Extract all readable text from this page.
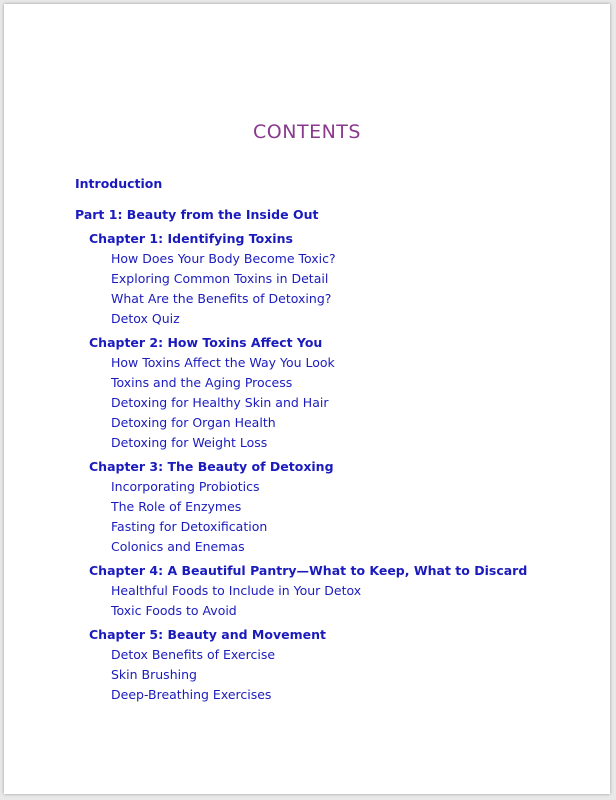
CONTENTS
Introduction
Part 1: Beauty from the Inside Out
Chapter 1: Identifying Toxins
How Does Your Body Become Toxic?
Exploring Common Toxins in Detail
What Are the Benefits of Detoxing?
Detox Quiz
Chapter 2: How Toxins Affect You
How Toxins Affect the Way You Look
Toxins and the Aging Process
Detoxing for Healthy Skin and Hair
Detoxing for Organ Health
Detoxing for Weight Loss
Chapter 3: The Beauty of Detoxing
Incorporating Probiotics
The Role of Enzymes
Fasting for Detoxification
Colonics and Enemas
Chapter 4: A Beautiful Pantry—What to Keep, What to Discard
Healthful Foods to Include in Your Detox
Toxic Foods to Avoid
Chapter 5: Beauty and Movement
Detox Benefits of Exercise
Skin Brushing
Deep-Breathing Exercises
